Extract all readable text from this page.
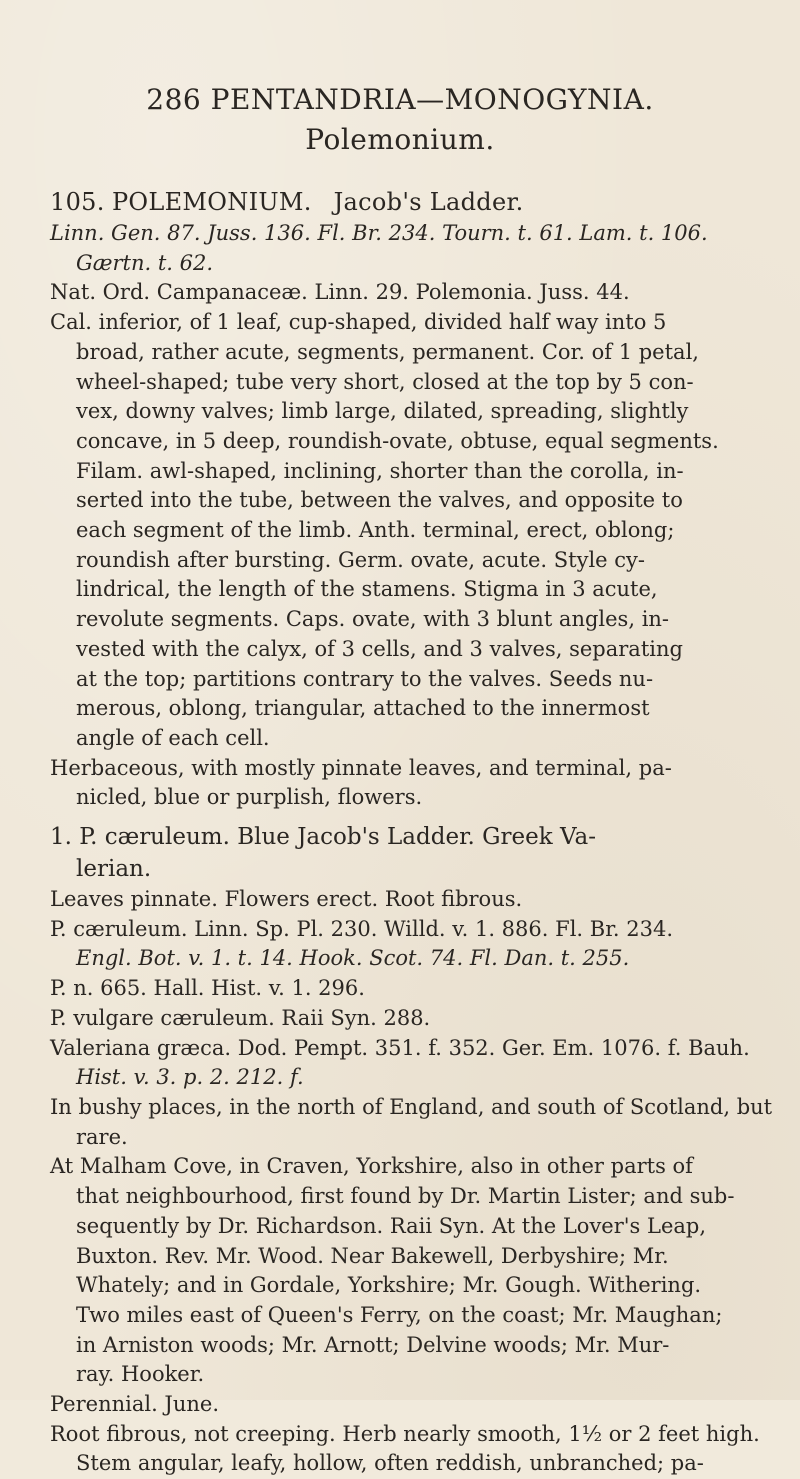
286 PENTANDRIA—MONOGYNIA. Polemonium.
105. POLEMONIUM. Jacob's Ladder.
Linn. Gen. 87. Juss. 136. Fl. Br. 234. Tourn. t. 61. Lam. t. 106.
Gærtn. t. 62.
Nat. Ord. Campanaceæ. Linn. 29. Polemonia. Juss. 44.
Cal. inferior, of 1 leaf, cup-shaped, divided half way into 5
broad, rather acute, segments, permanent. Cor. of 1 petal,
wheel-shaped; tube very short, closed at the top by 5 con-
vex, downy valves; limb large, dilated, spreading, slightly
concave, in 5 deep, roundish-ovate, obtuse, equal segments.
Filam. awl-shaped, inclining, shorter than the corolla, in-
serted into the tube, between the valves, and opposite to
each segment of the limb. Anth. terminal, erect, oblong;
roundish after bursting. Germ. ovate, acute. Style cy-
lindrical, the length of the stamens. Stigma in 3 acute,
revolute segments. Caps. ovate, with 3 blunt angles, in-
vested with the calyx, of 3 cells, and 3 valves, separating
at the top; partitions contrary to the valves. Seeds nu-
merous, oblong, triangular, attached to the innermost
angle of each cell.
Herbaceous, with mostly pinnate leaves, and terminal, pa-
nicled, blue or purplish, flowers.
1. P. cæruleum. Blue Jacob's Ladder. Greek Va-
lerian.
Leaves pinnate. Flowers erect. Root fibrous.
P. cæruleum. Linn. Sp. Pl. 230. Willd. v. 1. 886. Fl. Br. 234.
Engl. Bot. v. 1. t. 14. Hook. Scot. 74. Fl. Dan. t. 255.
P. n. 665. Hall. Hist. v. 1. 296.
P. vulgare cæruleum. Raii Syn. 288.
Valeriana græca. Dod. Pempt. 351. f. 352. Ger. Em. 1076. f. Bauh.
Hist. v. 3. p. 2. 212. f.
In bushy places, in the north of England, and south of Scotland, but
rare.
At Malham Cove, in Craven, Yorkshire, also in other parts of
that neighbourhood, first found by Dr. Martin Lister; and sub-
sequently by Dr. Richardson. Raii Syn. At the Lover's Leap,
Buxton. Rev. Mr. Wood. Near Bakewell, Derbyshire; Mr.
Whately; and in Gordale, Yorkshire; Mr. Gough. Withering.
Two miles east of Queen's Ferry, on the coast; Mr. Maughan;
in Arniston woods; Mr. Arnott; Delvine woods; Mr. Mur-
ray. Hooker.
Perennial. June.
Root fibrous, not creeping. Herb nearly smooth, 1½ or 2 feet high.
Stem angular, leafy, hollow, often reddish, unbranched; pa-
